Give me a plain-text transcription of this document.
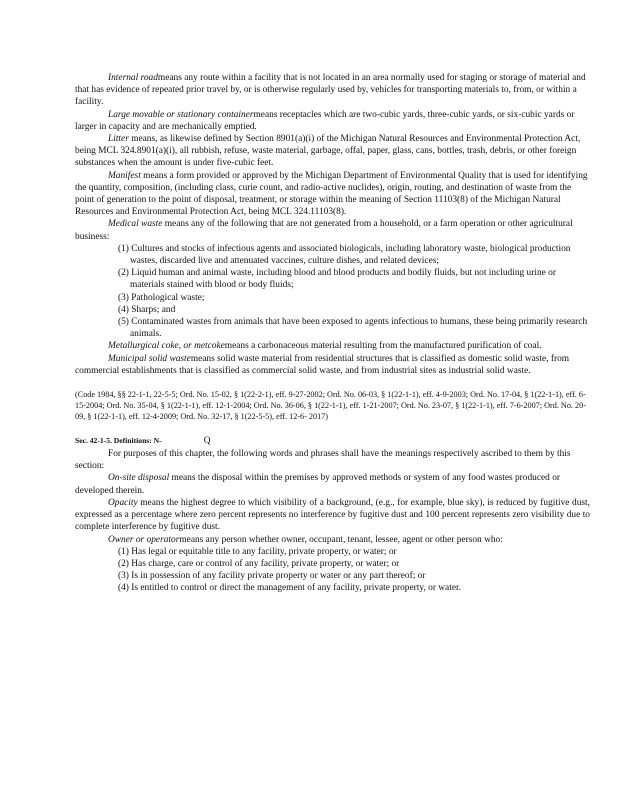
Internal roadmeans any route within a facility that is not located in an area normally used for staging or storage of material and that has evidence of repeated prior travel by, or is otherwise regularly used by, vehicles for transporting materials to, from, or within a facility.

Large movable or stationary containermeans receptacles which are two-cubic yards, three-cubic yards, or six-cubic yards or larger in capacity and are mechanically emptied.

Litter means, as likewise defined by Section 8901(a)(i) of the Michigan Natural Resources and Environmental Protection Act, being MCL 324.8901(a)(i), all rubbish, refuse, waste material, garbage, offal, paper, glass, cans, bottles, trash, debris, or other foreign substances when the amount is under five-cubic feet.

Manifest means a form provided or approved by the Michigan Department of Environmental Quality that is used for identifying the quantity, composition, (including class, curie count, and radio-active nuclides), origin, routing, and destination of waste from the point of generation to the point of disposal, treatment, or storage within the meaning of Section 11103(8) of the Michigan Natural Resources and Environmental Protection Act, being MCL 324.11103(8).

Medical waste means any of the following that are not generated from a household, or a farm operation or other agricultural business:

(1) Cultures and stocks of infectious agents and associated biologicals, including laboratory waste, biological production wastes, discarded live and attenuated vaccines, culture dishes, and related devices;

(2) Liquid human and animal waste, including blood and blood products and bodily fluids, but not including urine or materials stained with blood or body fluids;

(3) Pathological waste;

(4) Sharps; and

(5) Contaminated wastes from animals that have been exposed to agents infectious to humans, these being primarily research animals.

Metallurgical coke, or metcokemeans a carbonaceous material resulting from the manufactured purification of coal.

Municipal solid wastemeans solid waste material from residential structures that is classified as domestic solid waste, from commercial establishments that is classified as commercial solid waste, and from industrial sites as industrial solid waste.

(Code 1984, §§ 22-1-1, 22-5-5; Ord. No. 15-02, § 1(22-2-1), eff. 9-27-2002; Ord. No. 06-03, § 1(22-1-1), eff. 4-9-2003; Ord. No. 17-04, § 1(22-1-1), eff. 6-15-2004; Ord. No. 35-04, § 1(22-1-1), eff. 12-1-2004; Ord. No. 36-06, § 1(22-1-1), eff. 1-21-2007; Ord. No. 23-07, § 1(22-1-1), eff. 7-6-2007; Ord. No. 20-09, § 1(22-1-1), eff. 12-4-2009; Ord. No. 32-17, § 1(22-5-5), eff. 12-6- 2017)

Sec. 42-1-5. Definitions: N-	Q

For purposes of this chapter, the following words and phrases shall have the meanings respectively ascribed to them by this section:

On-site disposal means the disposal within the premises by approved methods or system of any food wastes produced or developed therein.

Opacity means the highest degree to which visibility of a background, (e.g., for example, blue sky), is reduced by fugitive dust, expressed as a percentage where zero percent represents no interference by fugitive dust and 100 percent represents zero visibility due to complete interference by fugitive dust.

Owner or operatormeans any person whether owner, occupant, tenant, lessee, agent or other person who:

(1) Has legal or equitable title to any facility, private property, or water; or

(2) Has charge, care or control of any facility, private property, or water; or

(3) Is in possession of any facility private property or water or any part thereof; or

(4) Is entitled to control or direct the management of any facility, private property, or water.
